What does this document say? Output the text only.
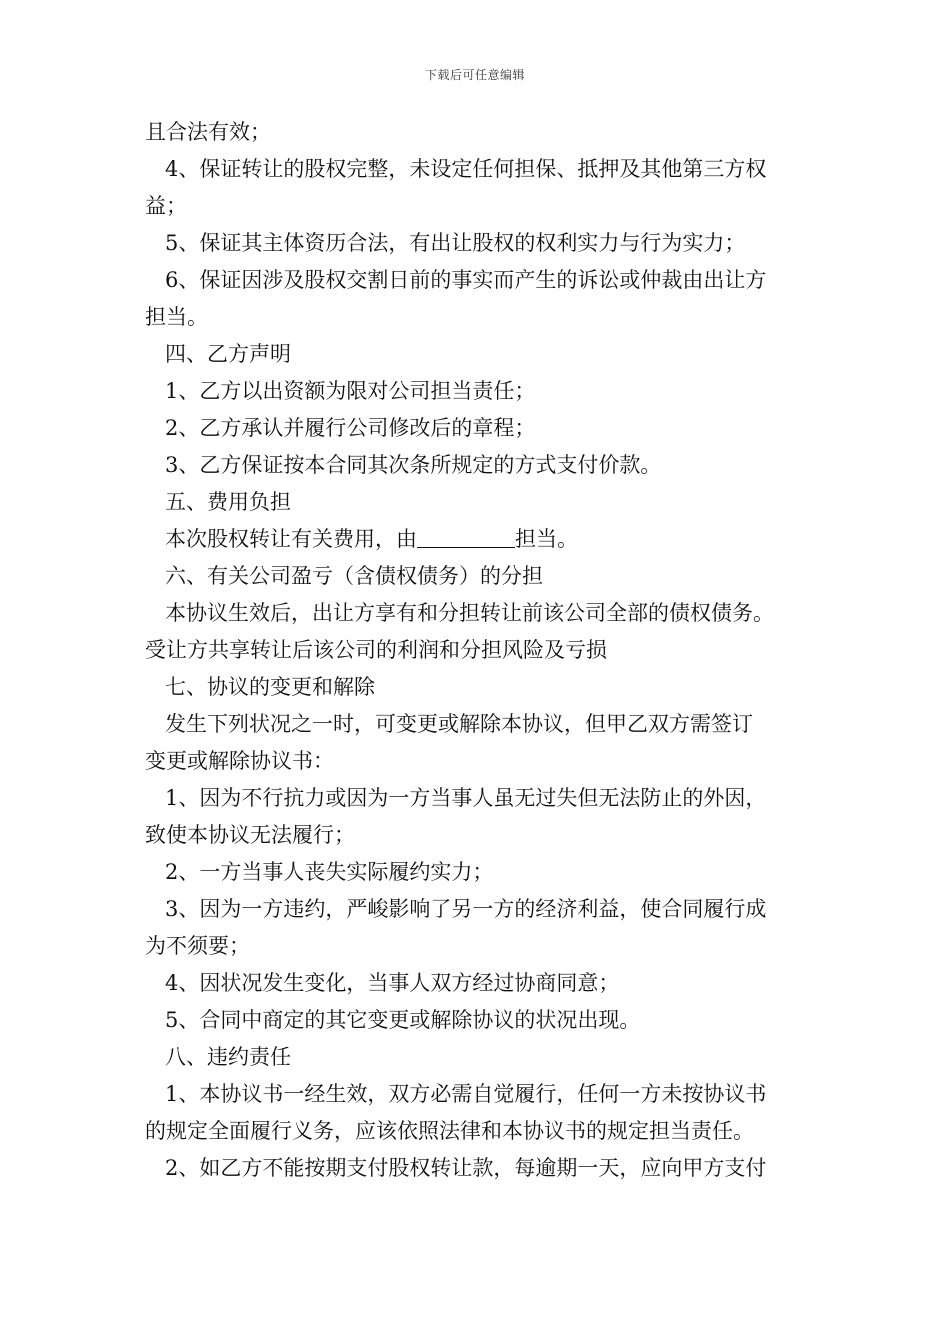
下载后可任意编辑
且合法有效；
4、保证转让的股权完整，未设定任何担保、抵押及其他第三方权
益；
5、保证其主体资历合法，有出让股权的权利实力与行为实力；
6、保证因涉及股权交割日前的事实而产生的诉讼或仲裁由出让方
担当。
四、乙方声明
1、乙方以出资额为限对公司担当责任；
2、乙方承认并履行公司修改后的章程；
3、乙方保证按本合同其次条所规定的方式支付价款。
五、费用负担
本次股权转让有关费用，由	担当。
六、有关公司盈亏（含债权债务）的分担
本协议生效后，出让方享有和分担转让前该公司全部的债权债务。
受让方共享转让后该公司的利润和分担风险及亏损
七、协议的变更和解除
发生下列状况之一时，可变更或解除本协议，但甲乙双方需签订
变更或解除协议书：
1、因为不行抗力或因为一方当事人虽无过失但无法防止的外因，
致使本协议无法履行；
2、一方当事人丧失实际履约实力；
3、因为一方违约，严峻影响了另一方的经济利益，使合同履行成
为不须要；
4、因状况发生变化，当事人双方经过协商同意；
5、合同中商定的其它变更或解除协议的状况出现。
八、违约责任
1、本协议书一经生效，双方必需自觉履行，任何一方未按协议书
的规定全面履行义务，应该依照法律和本协议书的规定担当责任。
2、如乙方不能按期支付股权转让款，每逾期一天，应向甲方支付
